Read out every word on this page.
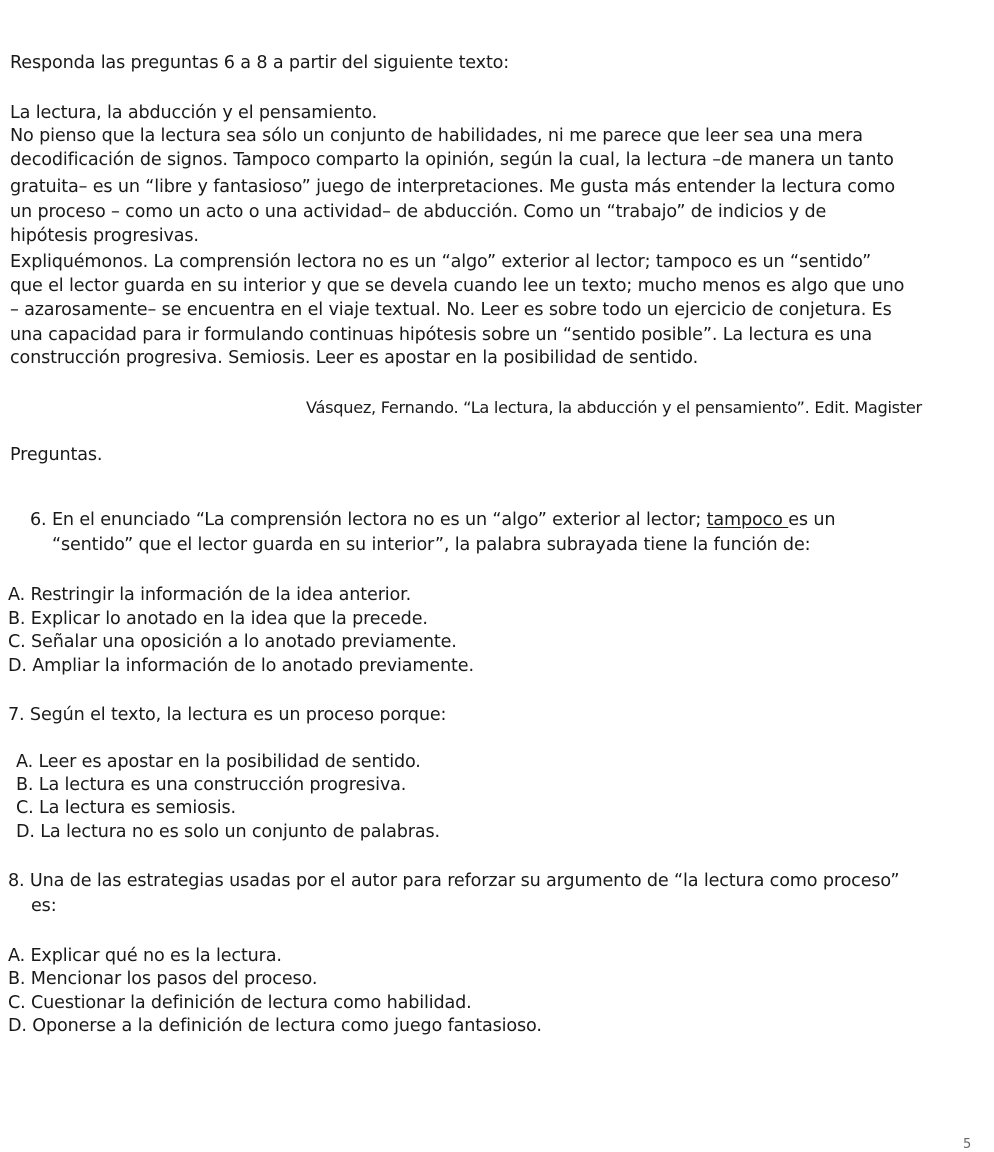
Responda las preguntas 6 a 8 a partir del siguiente texto:
La lectura, la abducción y el pensamiento.
No pienso que la lectura sea sólo un conjunto de habilidades, ni me parece que leer sea una mera
decodificación de signos. Tampoco comparto la opinión, según la cual, la lectura –de manera un tanto
gratuita– es un “libre y fantasioso” juego de interpretaciones. Me gusta más entender la lectura como
un proceso – como un acto o una actividad– de abducción. Como un “trabajo” de indicios y de
hipótesis progresivas.
Expliquémonos. La comprensión lectora no es un “algo” exterior al lector; tampoco es un “sentido”
que el lector guarda en su interior y que se devela cuando lee un texto; mucho menos es algo que uno
– azarosamente– se encuentra en el viaje textual. No. Leer es sobre todo un ejercicio de conjetura. Es
una capacidad para ir formulando continuas hipótesis sobre un “sentido posible”. La lectura es una
construcción progresiva. Semiosis. Leer es apostar en la posibilidad de sentido.
Vásquez, Fernando. “La lectura, la abducción y el pensamiento”. Edit. Magister
Preguntas.
6. En el enunciado “La comprensión lectora no es un “algo” exterior al lector; tampoco es un
“sentido” que el lector guarda en su interior”, la palabra subrayada tiene la función de:
A. Restringir la información de la idea anterior.
B. Explicar lo anotado en la idea que la precede.
C. Señalar una oposición a lo anotado previamente.
D. Ampliar la información de lo anotado previamente.
7. Según el texto, la lectura es un proceso porque:
A. Leer es apostar en la posibilidad de sentido.
B. La lectura es una construcción progresiva.
C. La lectura es semiosis.
D. La lectura no es solo un conjunto de palabras.
8. Una de las estrategias usadas por el autor para reforzar su argumento de “la lectura como proceso”
es:
A. Explicar qué no es la lectura.
B. Mencionar los pasos del proceso.
C. Cuestionar la definición de lectura como habilidad.
D. Oponerse a la definición de lectura como juego fantasioso.
5
